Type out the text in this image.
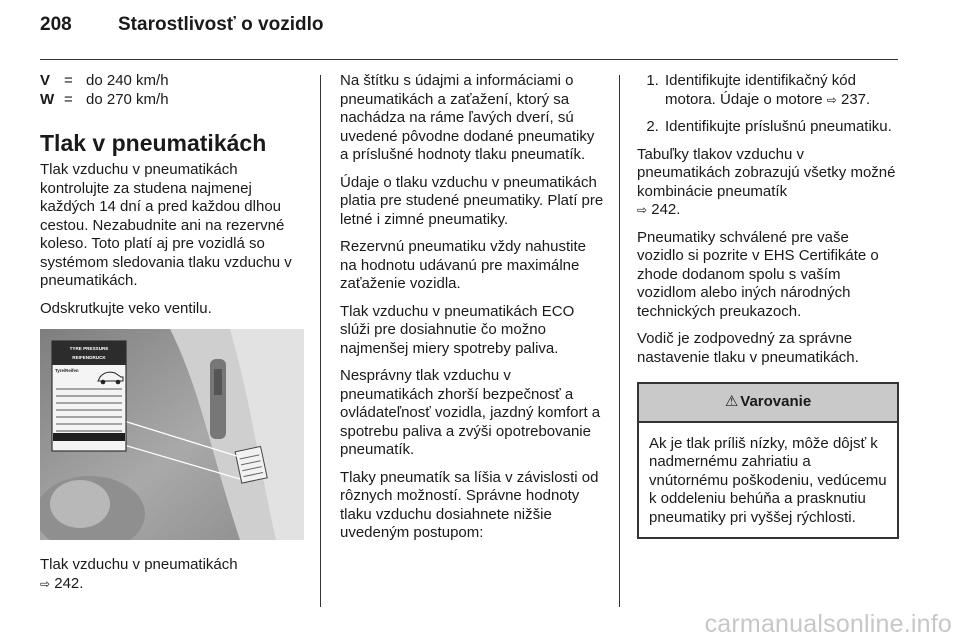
208 Starostlivosť o vozidlo
V = do 240 km/h
W = do 270 km/h
Tlak v pneumatikách

Tlak vzduchu v pneumatikách kontrolujte za studena najmenej každých 14 dní a pred každou dlhou cestou. Nezabudnite ani na rezervné koleso. Toto platí aj pre vozidlá so systémom sledovania tlaku vzduchu v pneumatikách.

Odskrutkujte veko ventilu.

TYRE PRESSURE
REIFENDRUCK
Tyre/Reifen

Tlak vzduchu v pneumatikách
⇨ 242.

Na štítku s údajmi a informáciami o pneumatikách a zaťažení, ktorý sa nachádza na ráme ľavých dverí, sú uvedené pôvodne dodané pneumatiky a príslušné hodnoty tlaku pneumatík.

Údaje o tlaku vzduchu v pneumatikách platia pre studené pneumatiky. Platí pre letné i zimné pneumatiky.

Rezervnú pneumatiku vždy nahustite na hodnotu udávanú pre maximálne zaťaženie vozidla.

Tlak vzduchu v pneumatikách ECO slúži pre dosiahnutie čo možno najmenšej miery spotreby paliva.

Nesprávny tlak vzduchu v pneumatikách zhorší bezpečnosť a ovládateľnosť vozidla, jazdný komfort a spotrebu paliva a zvýši opotrebovanie pneumatík.

Tlaky pneumatík sa líšia v závislosti od rôznych možností. Správne hodnoty tlaku vzduchu dosiahnete nižšie uvedeným postupom:

1. Identifikujte identifikačný kód motora. Údaje o motore ⇨ 237.
2. Identifikujte príslušnú pneumatiku.

Tabuľky tlakov vzduchu v pneumatikách zobrazujú všetky možné kombinácie pneumatík
⇨ 242.

Pneumatiky schválené pre vaše vozidlo si pozrite v EHS Certifikáte o zhode dodanom spolu s vaším vozidlom alebo iných národných technických preukazoch.

Vodič je zodpovedný za správne nastavenie tlaku v pneumatikách.

⚠ Varovanie

Ak je tlak príliš nízky, môže dôjsť k nadmernému zahriatiu a vnútornému poškodeniu, vedúcemu k oddeleniu behúňa a prasknutiu pneumatiky pri vyššej rýchlosti.

carmanualsonline.info
